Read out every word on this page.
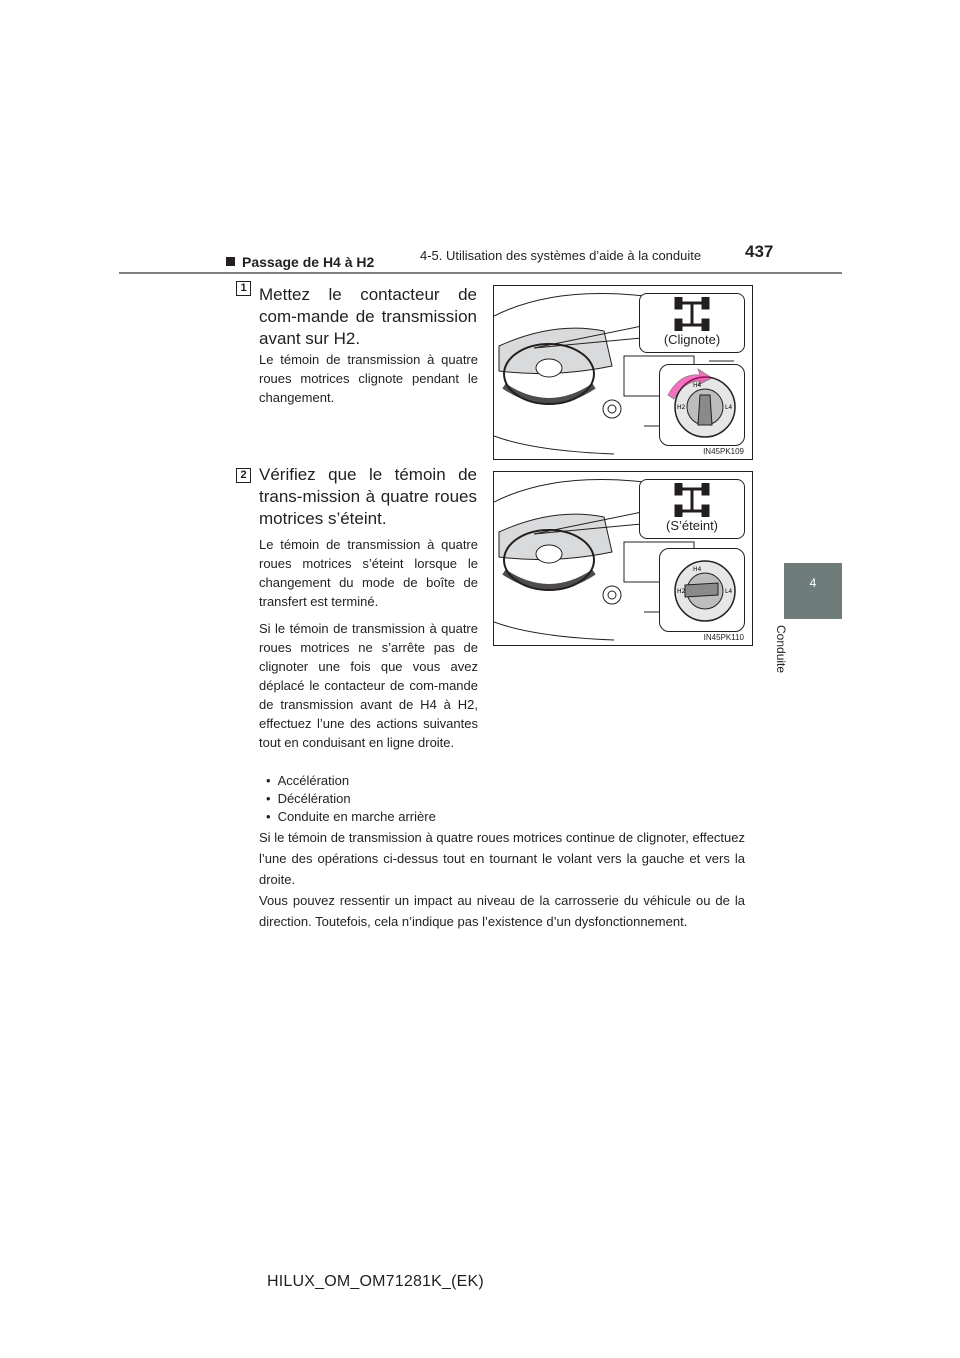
4-5. Utilisation des systèmes d’aide à la conduite	437
4
Conduite
Passage de H4 à H2
1 Mettez le contacteur de com-mande de transmission avant sur H2.
Le témoin de transmission à quatre roues motrices clignote pendant le changement.
(Clignote)
H4
L4
H2
IN45PK109
2 Vérifiez que le témoin de trans-mission à quatre roues motrices s’éteint.
Le témoin de transmission à quatre roues motrices s’éteint lorsque le changement du mode de boîte de transfert est terminé.
Si le témoin de transmission à quatre roues motrices ne s’arrête pas de clignoter une fois que vous avez déplacé le contacteur de com-mande de transmission avant de H4 à H2, effectuez l’une des actions suivantes tout en conduisant en ligne droite.
(S’éteint)
H4
L4
H2
IN45PK110
• Accélération
• Décélération
• Conduite en marche arrière
Si le témoin de transmission à quatre roues motrices continue de clignoter, effectuez l’une des opérations ci-dessus tout en tournant le volant vers la gauche et vers la droite.
Vous pouvez ressentir un impact au niveau de la carrosserie du véhicule ou de la direction. Toutefois, cela n’indique pas l’existence d’un dysfonctionnement.
HILUX_OM_OM71281K_(EK)
